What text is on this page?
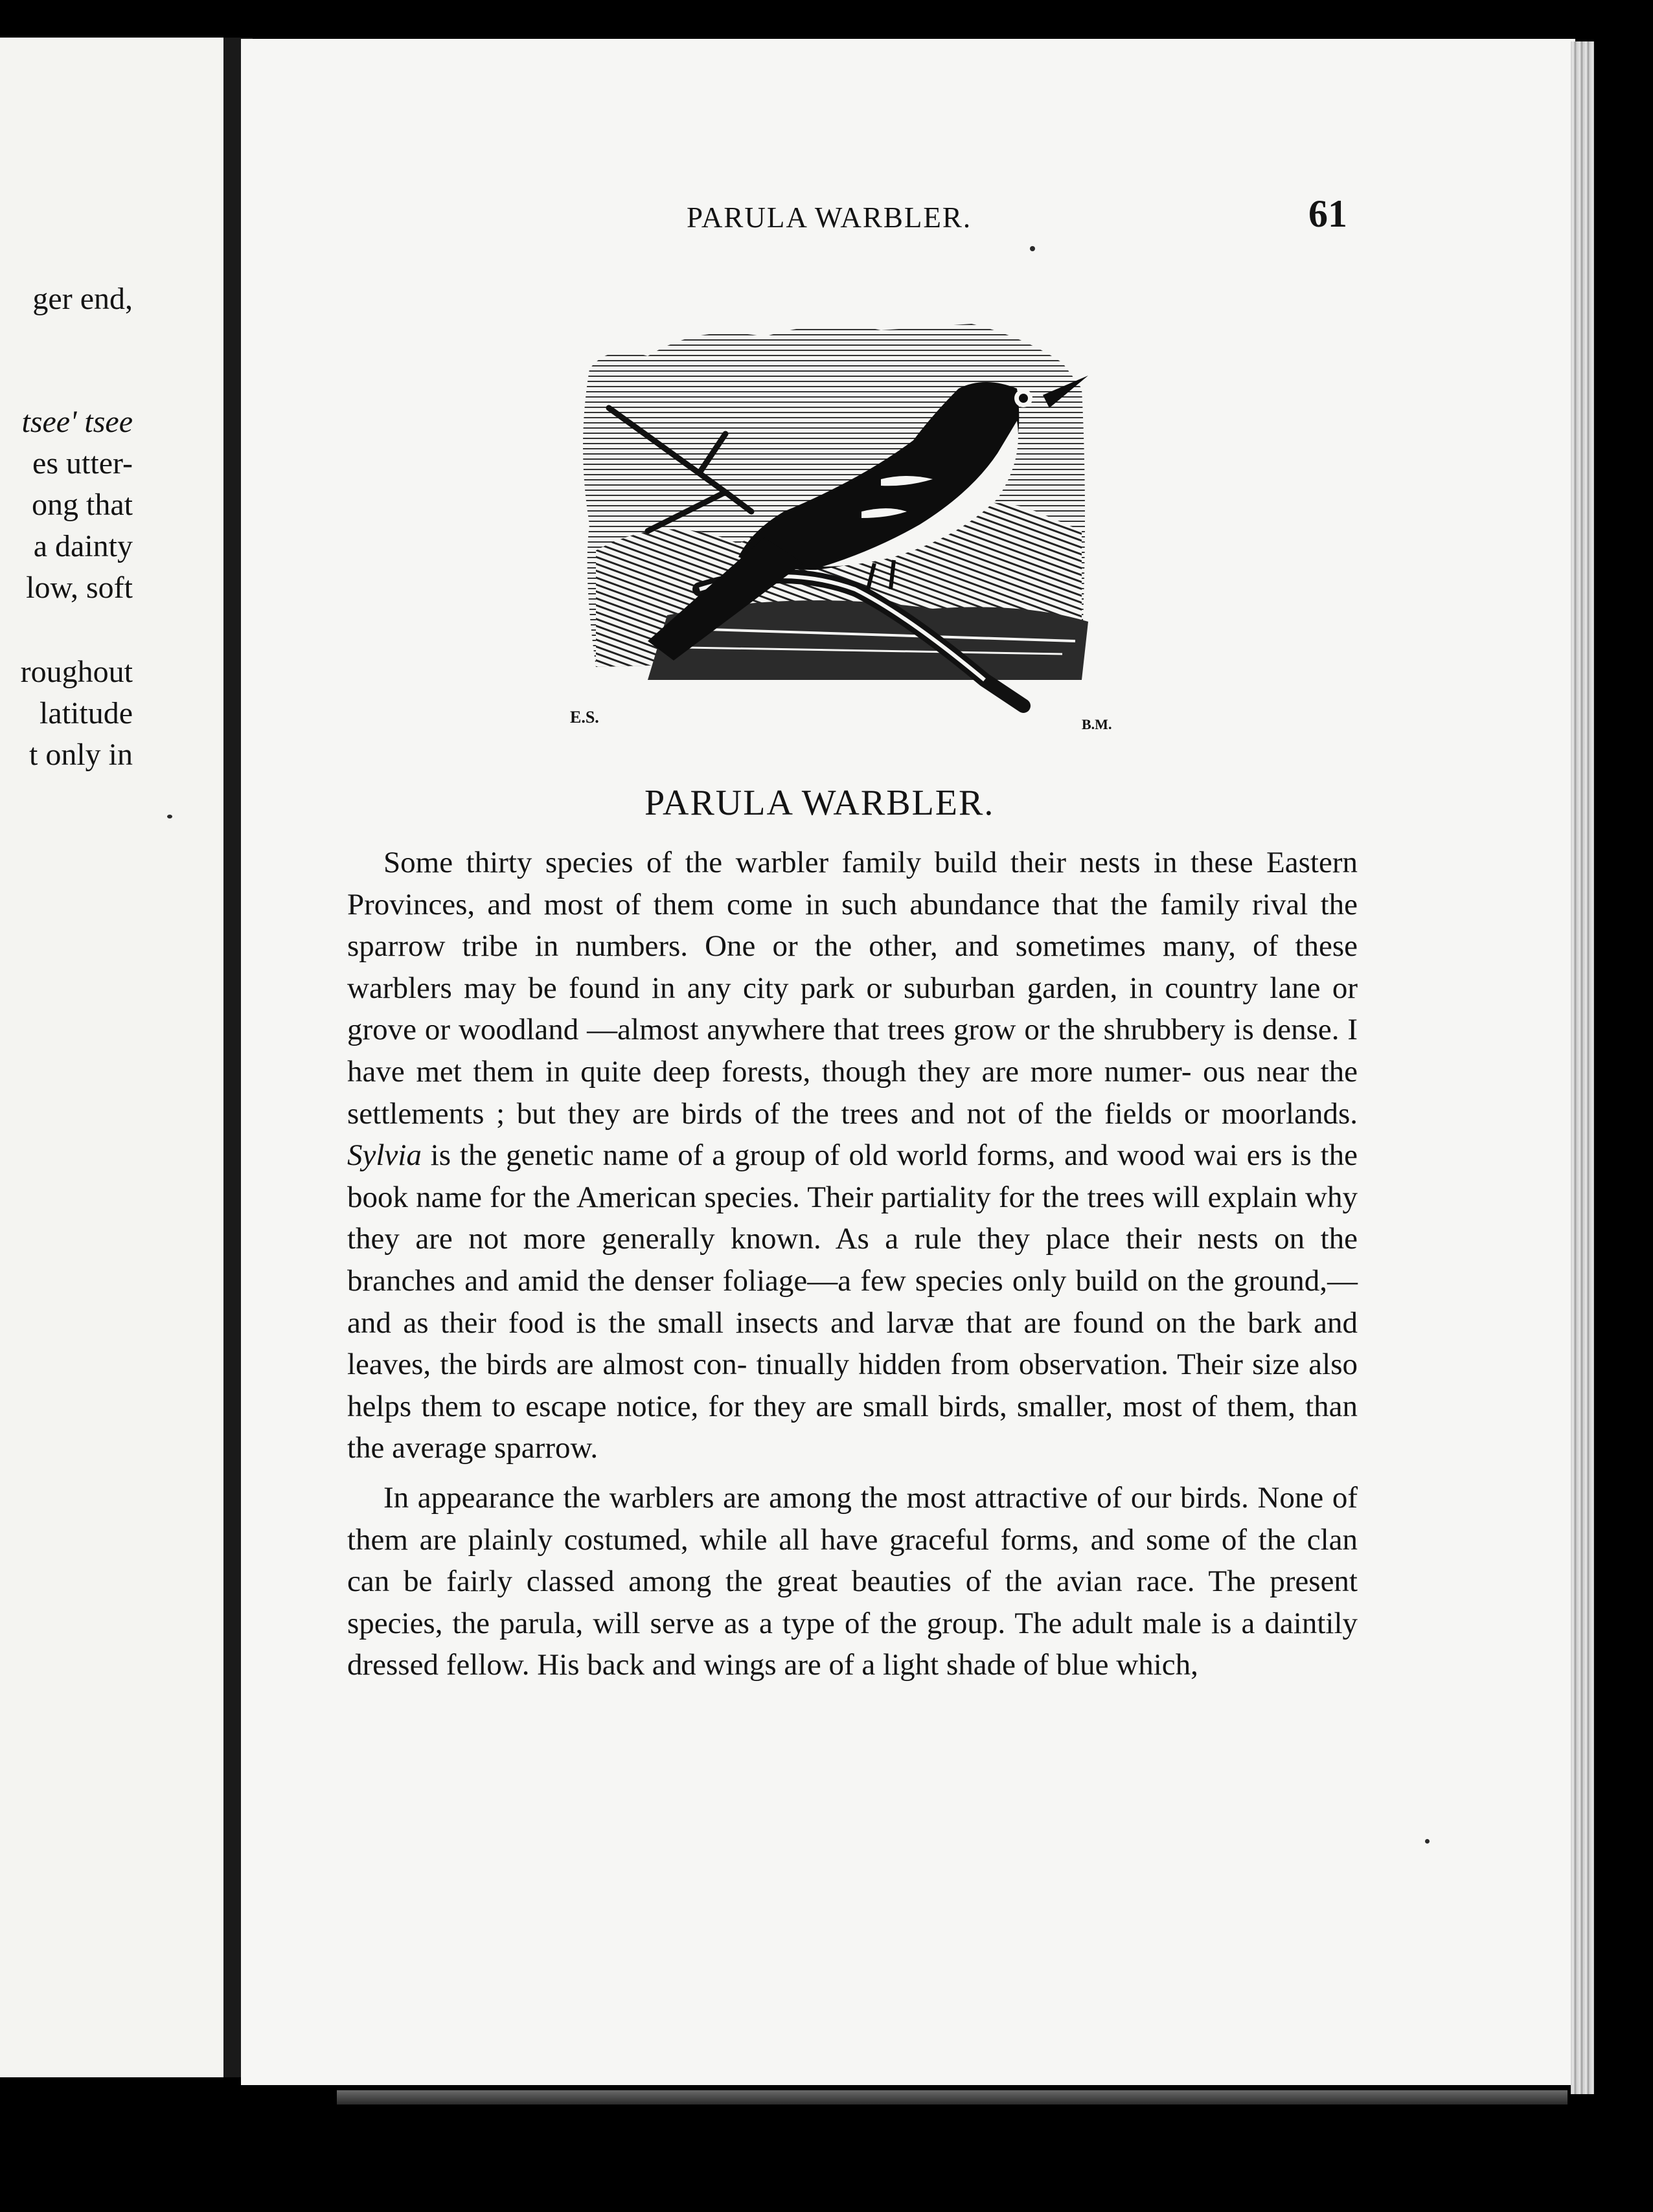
ger end,
tsee' tsee
es utter-
ong that
a dainty
low, soft
roughout
latitude
t only in
PARULA WARBLER.	61
E.S.	B.M.
PARULA WARBLER.

Some thirty species of the warbler family build their nests in these Eastern Provinces, and most of them come in such abundance that the family rival the sparrow tribe in numbers. One or the other, and sometimes many, of these warblers may be found in any city park or suburban garden, in country lane or grove or woodland —almost anywhere that trees grow or the shrubbery is dense. I have met them in quite deep forests, though they are more numer- ous near the settlements ; but they are birds of the trees and not of the fields or moorlands. Sylvia is the genetic name of a group of old world forms, and wood wai ers is the book name for the American species. Their partiality for the trees will explain why they are not more generally known. As a rule they place their nests on the branches and amid the denser foliage—a few species only build on the ground,—and as their food is the small insects and larvæ that are found on the bark and leaves, the birds are almost con- tinually hidden from observation. Their size also helps them to escape notice, for they are small birds, smaller, most of them, than the average sparrow.

In appearance the warblers are among the most attractive of our birds. None of them are plainly costumed, while all have graceful forms, and some of the clan can be fairly classed among the great beauties of the avian race. The present species, the parula, will serve as a type of the group. The adult male is a daintily dressed fellow. His back and wings are of a light shade of blue which,
